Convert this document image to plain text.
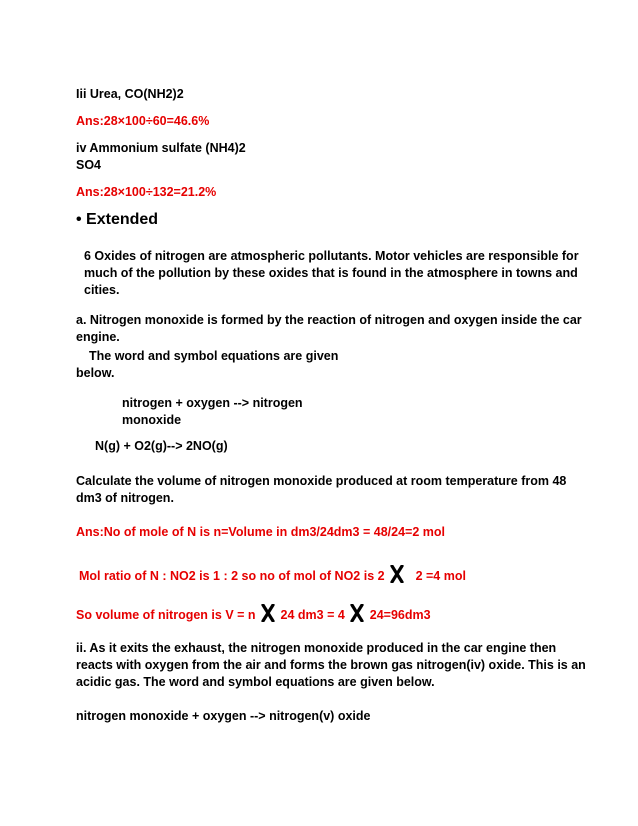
Iii Urea, CO(NH2)2
Ans:28×100÷60=46.6%
iv Ammonium sulfate (NH4)2
SO4
Ans:28×100÷132=21.2%
• Extended
6 Oxides of nitrogen are atmospheric pollutants. Motor vehicles are responsible for
much of the pollution by these oxides that is found in the atmosphere in towns and
cities.
a. Nitrogen monoxide is formed by the reaction of nitrogen and oxygen inside the car
engine.
The word and symbol equations are given
below.
nitrogen + oxygen --> nitrogen
monoxide
N(g) + O2(g)--> 2NO(g)
Calculate the volume of nitrogen monoxide produced at room temperature from 48
dm3 of nitrogen.
Ans:No of mole of N is n=Volume in dm3/24dm3 = 48/24=2 mol
Mol ratio of N : NO2 is 1 : 2 so no of mol of NO2 is 2 2 =4 mol
So volume of nitrogen is V = n 24 dm3 = 4 24=96dm3
ii. As it exits the exhaust, the nitrogen monoxide produced in the car engine then
reacts with oxygen from the air and forms the brown gas nitrogen(iv) oxide. This is an
acidic gas. The word and symbol equations are given below.
nitrogen monoxide + oxygen --> nitrogen(v) oxide
